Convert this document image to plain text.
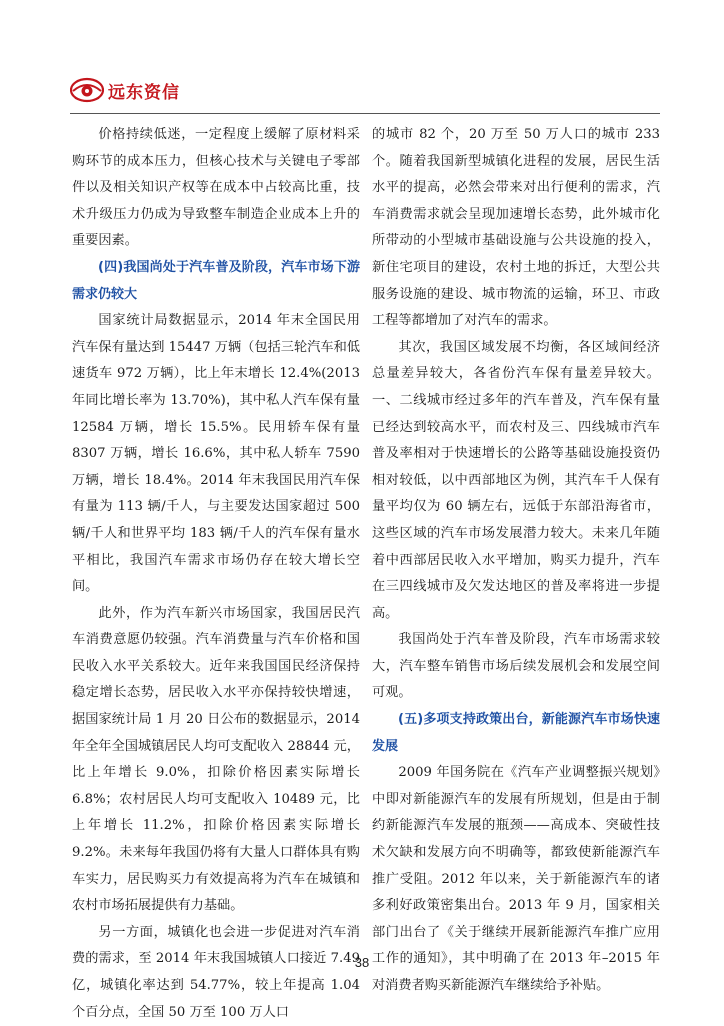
远东资信

价格持续低迷，一定程度上缓解了原材料采购环节的成本压力，但核心技术与关键电子零部件以及相关知识产权等在成本中占较高比重，技术升级压力仍成为导致整车制造企业成本上升的重要因素。

(四)我国尚处于汽车普及阶段，汽车市场下游需求仍较大

国家统计局数据显示，2014 年末全国民用汽车保有量达到 15447 万辆（包括三轮汽车和低速货车 972 万辆），比上年末增长 12.4%(2013 年同比增长率为 13.70%)，其中私人汽车保有量 12584 万辆，增长 15.5%。民用轿车保有量 8307 万辆，增长 16.6%，其中私人轿车 7590 万辆，增长 18.4%。2014 年末我国民用汽车保有量为 113 辆/千人，与主要发达国家超过 500 辆/千人和世界平均 183 辆/千人的汽车保有量水平相比，我国汽车需求市场仍存在较大增长空间。

此外，作为汽车新兴市场国家，我国居民汽车消费意愿仍较强。汽车消费量与汽车价格和国民收入水平关系较大。近年来我国国民经济保持稳定增长态势，居民收入水平亦保持较快增速，据国家统计局 1 月 20 日公布的数据显示，2014 年全年全国城镇居民人均可支配收入 28844 元，比上年增长 9.0%，扣除价格因素实际增长 6.8%；农村居民人均可支配收入 10489 元，比上年增长 11.2%，扣除价格因素实际增长 9.2%。未来每年我国仍将有大量人口群体具有购车实力，居民购买力有效提高将为汽车在城镇和农村市场拓展提供有力基础。

另一方面，城镇化也会进一步促进对汽车消费的需求，至 2014 年末我国城镇人口接近 7.49 亿，城镇化率达到 54.77%，较上年提高 1.04 个百分点，全国 50 万至 100 万人口

的城市 82 个，20 万至 50 万人口的城市 233 个。随着我国新型城镇化进程的发展，居民生活水平的提高，必然会带来对出行便利的需求，汽车消费需求就会呈现加速增长态势，此外城市化所带动的小型城市基础设施与公共设施的投入，新住宅项目的建设，农村土地的拆迁，大型公共服务设施的建设、城市物流的运输，环卫、市政工程等都增加了对汽车的需求。

其次，我国区域发展不均衡，各区域间经济总量差异较大，各省份汽车保有量差异较大。一、二线城市经过多年的汽车普及，汽车保有量已经达到较高水平，而农村及三、四线城市汽车普及率相对于快速增长的公路等基础设施投资仍相对较低，以中西部地区为例，其汽车千人保有量平均仅为 60 辆左右，远低于东部沿海省市，这些区域的汽车市场发展潜力较大。未来几年随着中西部居民收入水平增加，购买力提升，汽车在三四线城市及欠发达地区的普及率将进一步提高。

我国尚处于汽车普及阶段，汽车市场需求较大，汽车整车销售市场后续发展机会和发展空间可观。

(五)多项支持政策出台，新能源汽车市场快速发展

2009 年国务院在《汽车产业调整振兴规划》中即对新能源汽车的发展有所规划，但是由于制约新能源汽车发展的瓶颈——高成本、突破性技术欠缺和发展方向不明确等，都致使新能源汽车推广受阻。2012 年以来，关于新能源汽车的诸多利好政策密集出台。2013 年 9 月，国家相关部门出台了《关于继续开展新能源汽车推广应用工作的通知》，其中明确了在 2013 年–2015 年对消费者购买新能源汽车继续给予补贴。

38
